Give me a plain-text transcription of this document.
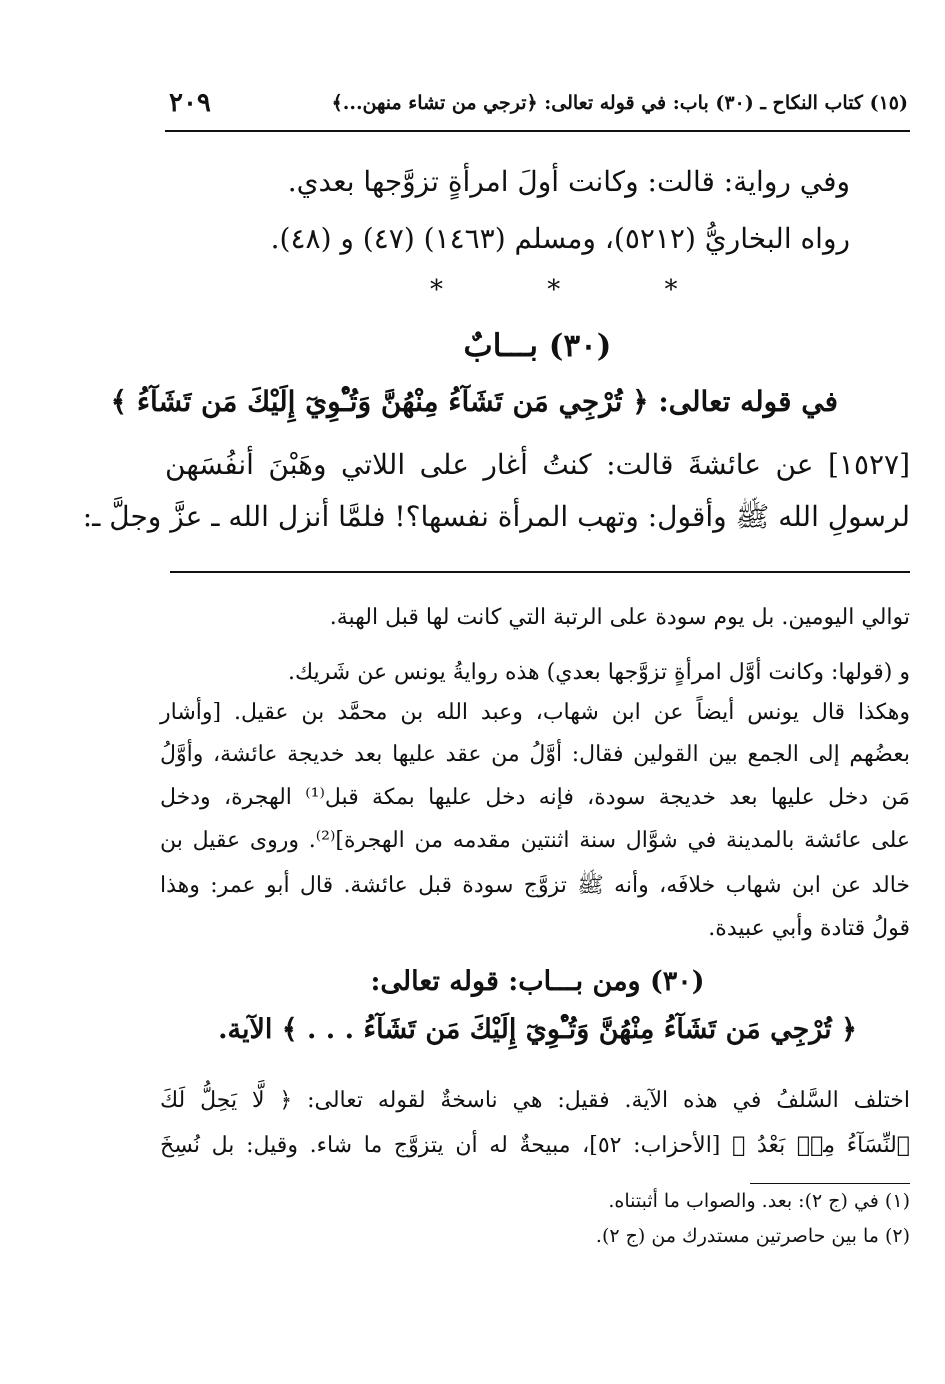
(١٥) كتاب النكاح ـ (٣٠) باب: في قوله تعالى: ﴿ترجي من تشاء منهن...﴾
٢٠٩
وفي رواية: قالت: وكانت أولَ امرأةٍ تزوَّجها بعدي.
رواه البخاريُّ (٥٢١٢)، ومسلم (١٤٦٣) (٤٧) و (٤٨).
* * *
(٣٠) بـــابٌ
في قوله تعالى: ﴿ تُرْجِي مَن تَشَآءُ مِنْهُنَّ وَتُـْٔوِيٓ إِلَيْكَ مَن تَشَآءُ ﴾
[١٥٢٧] عن عائشةَ قالت: كنتُ أغار على اللاتي وهَبْنَ أنفُسَهن
لرسولِ الله ﷺ وأقول: وتهب المرأة نفسها؟! فلمَّا أنزل الله ـ عزَّ وجلَّ ـ:
توالي اليومين. بل يوم سودة على الرتبة التي كانت لها قبل الهبة.
و (قولها: وكانت أوَّل امرأةٍ تزوَّجها بعدي) هذه روايةُ يونس عن شَريك.
وهكذا قال يونس أيضاً عن ابن شهاب، وعبد الله بن محمَّد بن عقيل. [وأشار
بعضُهم إلى الجمع بين القولين فقال: أوَّلُ من عقد عليها بعد خديجة عائشة، وأوَّلُ
مَن دخل عليها بعد خديجة سودة، فإنه دخل عليها بمكة قبل⁽¹⁾ الهجرة، ودخل
على عائشة بالمدينة في شوَّال سنة اثنتين مقدمه من الهجرة]⁽²⁾. وروى عقيل بن
خالد عن ابن شهاب خلافَه، وأنه ﷺ تزوَّج سودة قبل عائشة. قال أبو عمر: وهذا
قولُ قتادة وأبي عبيدة.
(٣٠) ومن بـــاب: قوله تعالى:
﴿ تُرْجِي مَن تَشَآءُ مِنْهُنَّ وَتُـْٔوِيٓ إِلَيْكَ مَن تَشَآءُ . . . ﴾ الآية.
اختلف السَّلفُ في هذه الآية. فقيل: هي ناسخةٌ لقوله تعالى: ﴿ لَّا يَحِلُّ لَكَ
ٱلنِّسَآءُ مِنۢ بَعْدُ ﴾ [الأحزاب: ٥٢]، مبيحةٌ له أن يتزوَّج ما شاء. وقيل: بل نُسِخَ
(١) في (ج ٢): بعد. والصواب ما أثبتناه.
(٢) ما بين حاصرتين مستدرك من (ج ٢).
